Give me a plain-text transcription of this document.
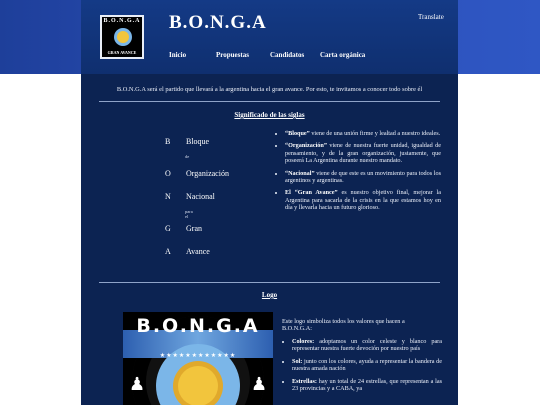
B.O.N.G.A
GRAN AVANCE
B.O.N.G.A	Translate
Inicio	Propuestas	Candidatos Carta orgánica
B.O.N.G.A será el partido que llevará a la argentina hacia el gran avance. Por esto, te invitamos a conocer todo sobre él
Significado de las siglas
B Bloque
de
O Organización
N Nacional
para el
G Gran
A Avance
• “Bloque” viene de una unión firme y lealtad a nuestro ideales.
• “Organización” viene de nuestra fuerte unidad, igualdad de pensamiento, y de la gran organización, justamente, que poseerá La Argentina durante nuestro mandato.
• “Nacional” viene de que este es un movimiento para todos los argentinos y argentinas.
• El “Gran Avance” es nuestro objetivo final, mejorar la Argentina para sacarla de la crisis en la que estamos hoy en día y llevarla hacia un futuro glorioso.
Logo
★★★★★★★★★★★★
B.O.N.G.A
♟	♟
Este logo simboliza todos los valores que hacen a B.O.N.G.A:
• Colores: adoptamos un color celeste y blanco para representar nuestra fuerte devoción por nuestro país
• Sol: junto con los colores, ayuda a representar la bandera de nuestra amada nación
• Estrellas: hay un total de 24 estrellas, que representan a las 23 provincias y a CABA, ya
